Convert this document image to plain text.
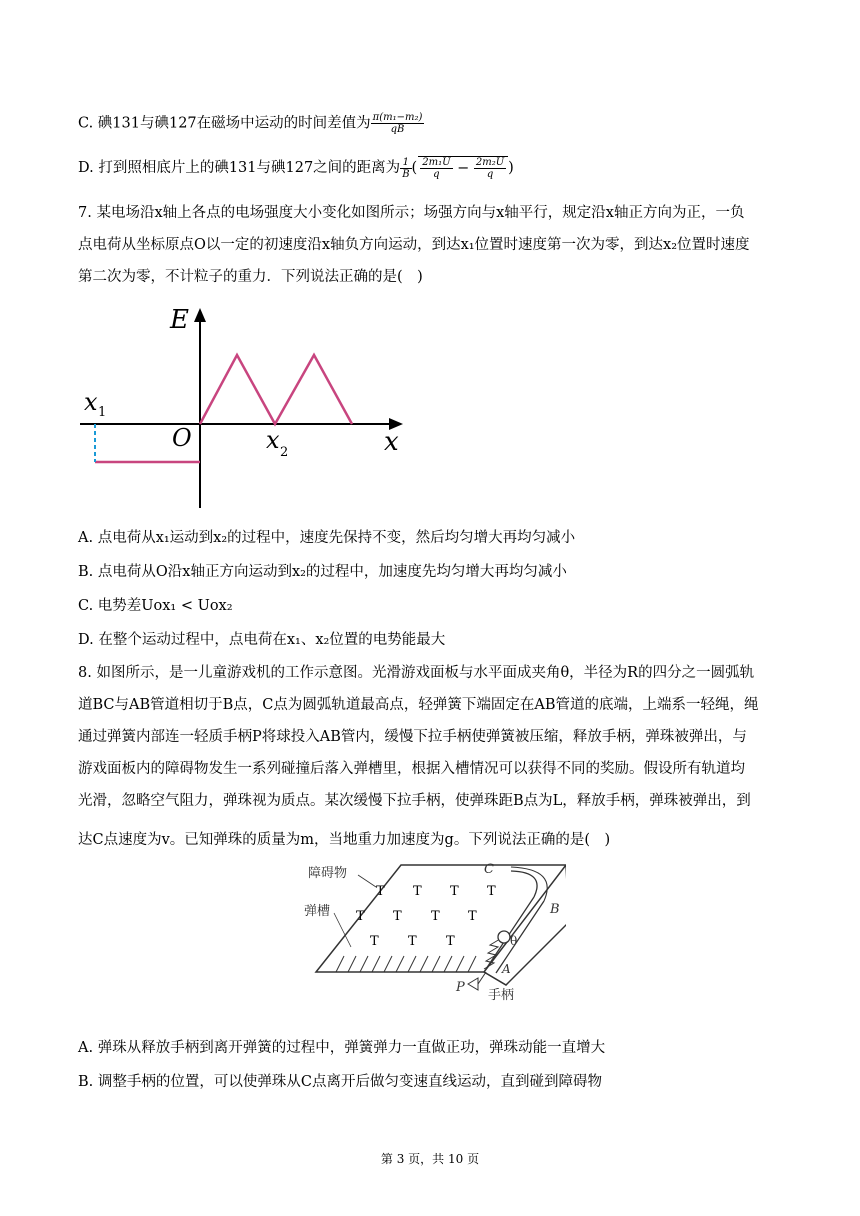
C. 碘131与碘127在磁场中运动的时间差值为 $\frac{\text{π(m₁−m₂)}}{qB}$
D. 打到照相底片上的碘131与碘127之间的距离为 $\frac{1}{B}$ ( $\frac{\text{2m₁U}}{q} - \frac{\text{2m₂U}}{q}$ )
7. 某电场沿x轴上各点的电场强度大小变化如图所示；场强方向与x轴平行，规定沿x轴正方向为正，一负
点电荷从坐标原点O以一定的初速度沿x轴负方向运动，到达x₁位置时速度第一次为零，到达x₂位置时速度
第二次为零，不计粒子的重力．下列说法正确的是(　)
E
x
O
x 1
x 2
A. 点电荷从x₁运动到x₂的过程中，速度先保持不变，然后均匀增大再均匀减小
B. 点电荷从O沿x轴正方向运动到x₂的过程中，加速度先均匀增大再均匀减小
C. 电势差Uox₁ < Uox₂
D. 在整个运动过程中，点电荷在x₁、x₂位置的电势能最大
8. 如图所示，是一儿童游戏机的工作示意图。光滑游戏面板与水平面成夹角θ，半径为R的四分之一圆弧轨
道BC与AB管道相切于B点，C点为圆弧轨道最高点，轻弹簧下端固定在AB管道的底端，上端系一轻绳，绳
通过弹簧内部连一轻质手柄P将球投入AB管内，缓慢下拉手柄使弹簧被压缩，释放手柄，弹珠被弹出，与
游戏面板内的障碍物发生一系列碰撞后落入弹槽里，根据入槽情况可以获得不同的奖励。假设所有轨道均
光滑，忽略空气阻力，弹珠视为质点。某次缓慢下拉手柄，使弹珠距B点为L，释放手柄，弹珠被弹出，到
达C点速度为v。已知弹珠的质量为m，当地重力加速度为g。下列说法正确的是(　)
T T T T
T T T T
T T T
障碍物
弹槽
C
B
θ
A
P
手柄
A. 弹珠从释放手柄到离开弹簧的过程中，弹簧弹力一直做正功，弹珠动能一直增大
B. 调整手柄的位置，可以使弹珠从C点离开后做匀变速直线运动，直到碰到障碍物
第 3 页，共 10 页
